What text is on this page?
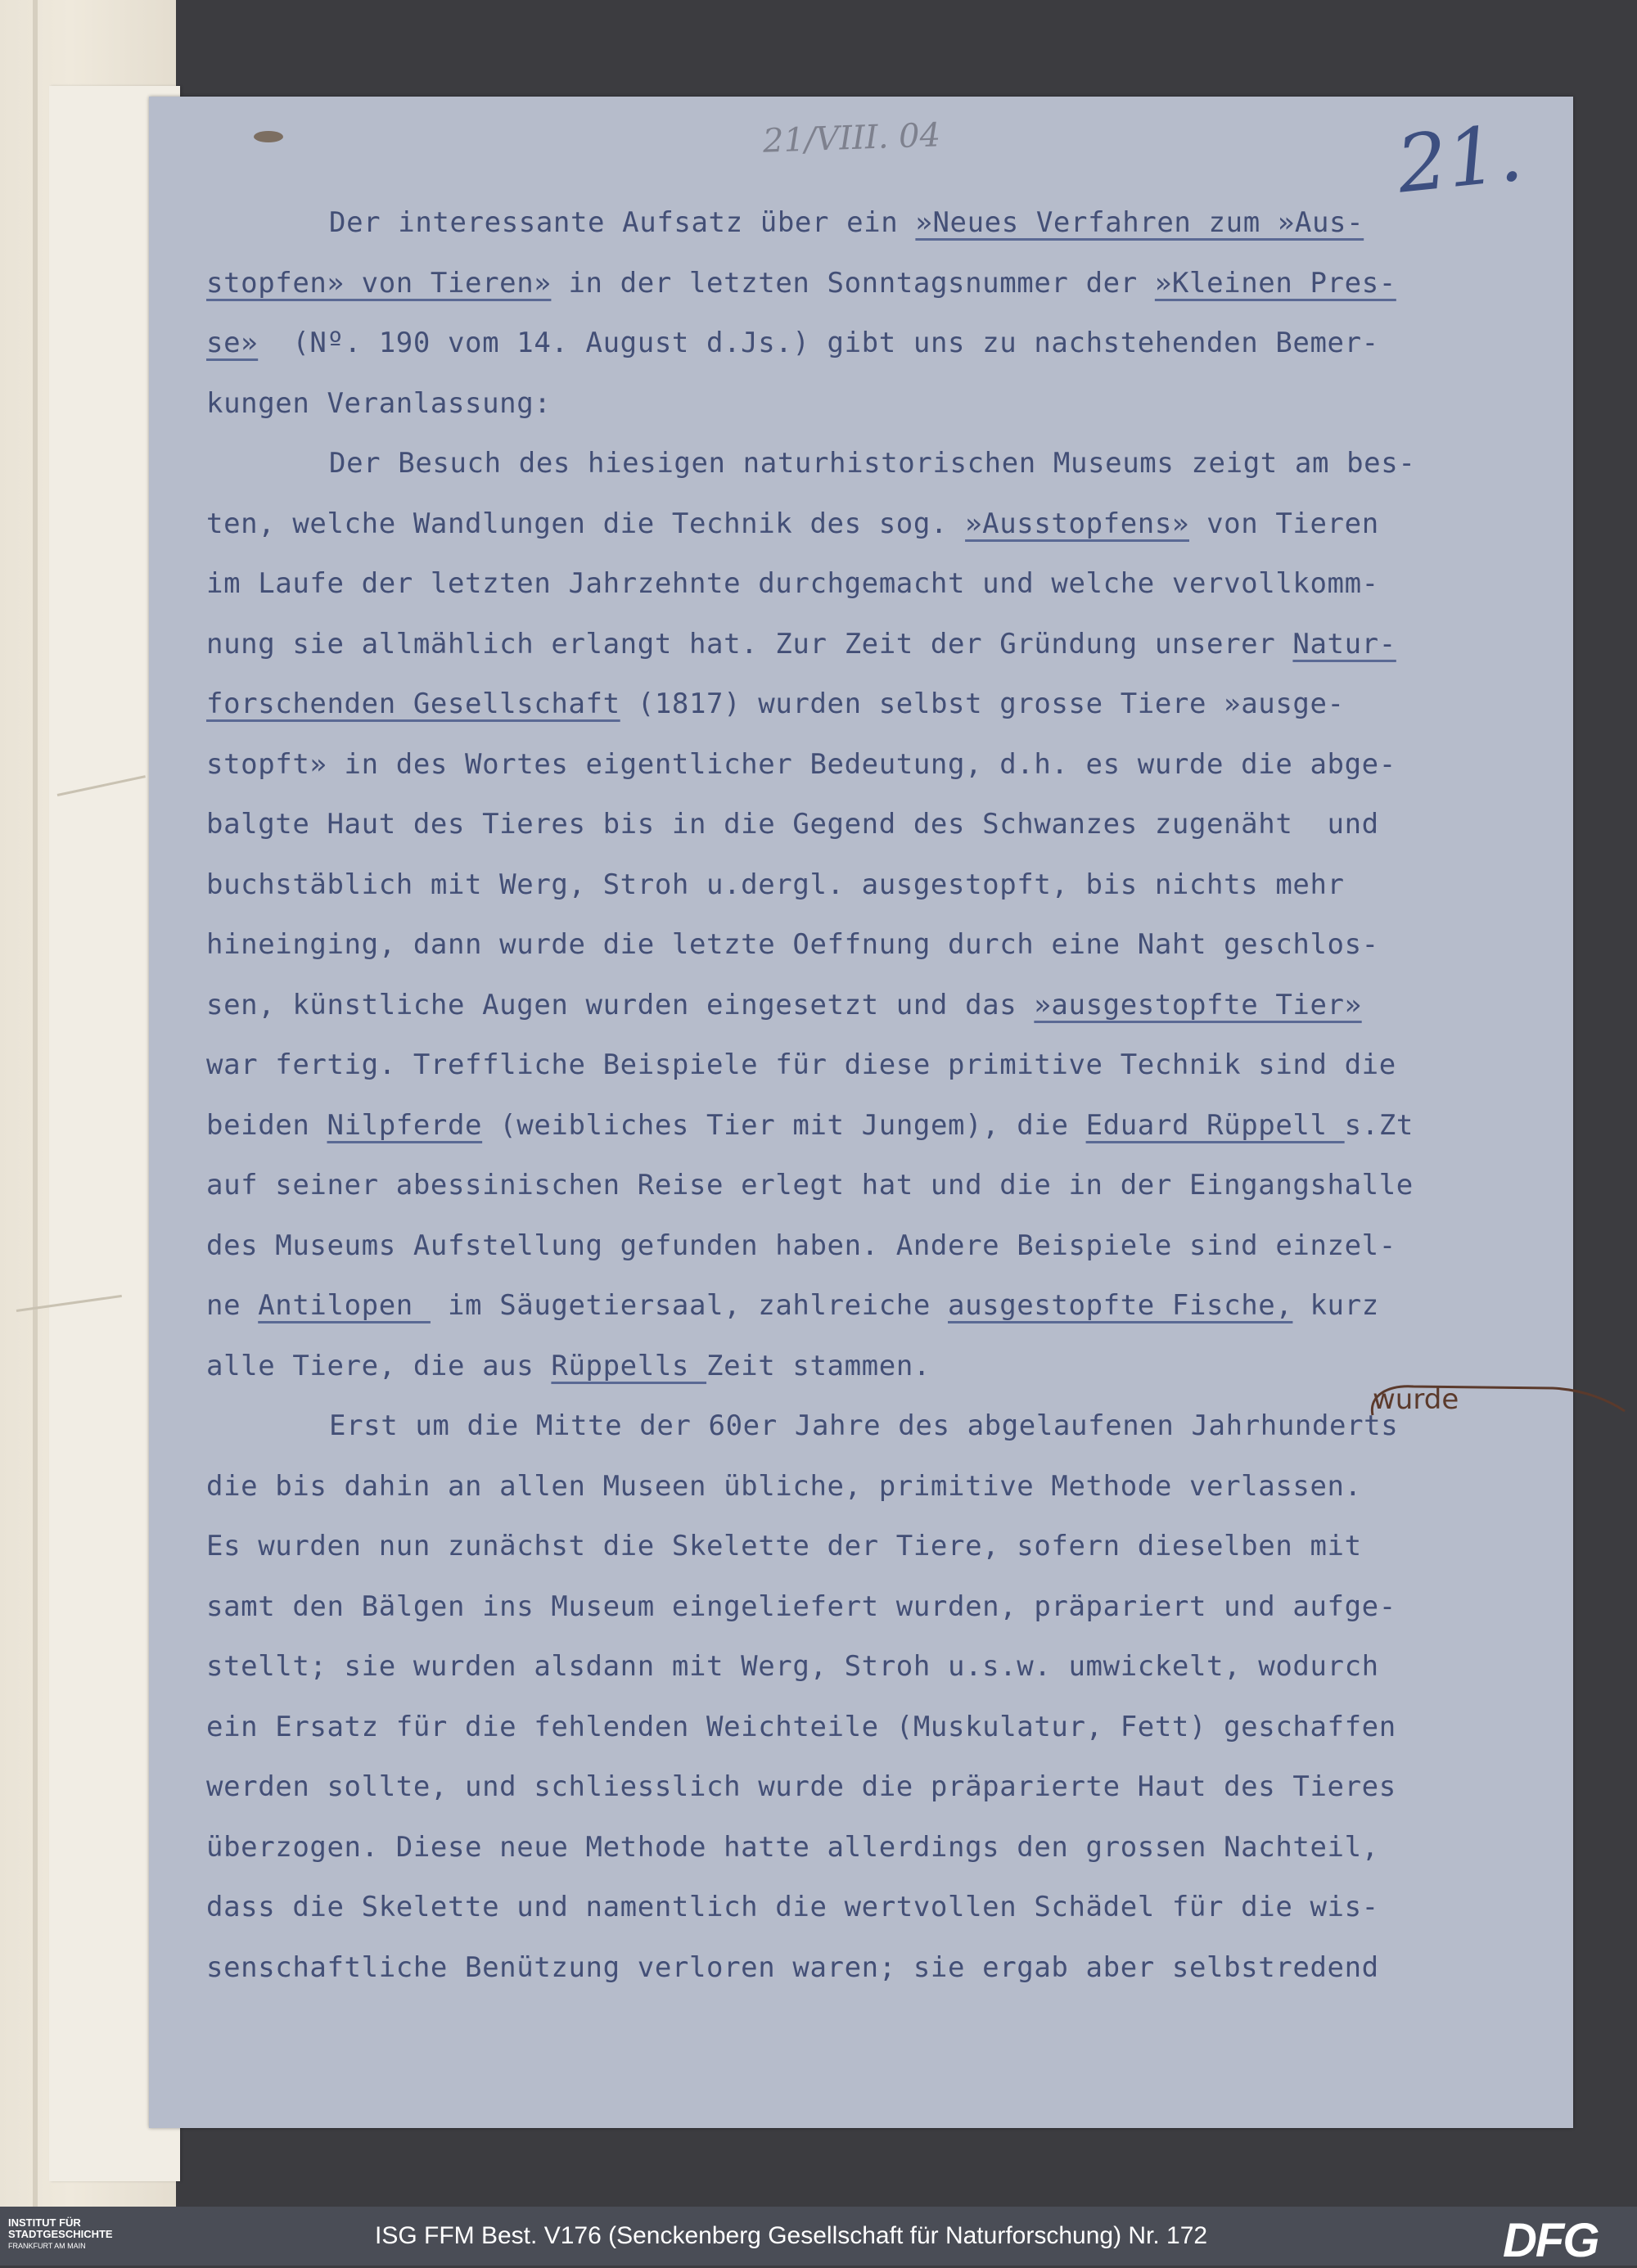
21/VIII. 04	21.
Der interessante Aufsatz über ein »Neues Verfahren zum »Aus-
stopfen» von Tieren» in der letzten Sonntagsnummer der »Kleinen Pres-
se»  (Nº. 190 vom 14. August d.Js.) gibt uns zu nachstehenden Bemer-
kungen Veranlassung:
Der Besuch des hiesigen naturhistorischen Museums zeigt am bes-
ten, welche Wandlungen die Technik des sog. »Ausstopfens» von Tieren
im Laufe der letzten Jahrzehnte durchgemacht und welche vervollkomm-
nung sie allmählich erlangt hat. Zur Zeit der Gründung unserer Natur-
forschenden Gesellschaft (1817) wurden selbst grosse Tiere »ausge-
stopft» in des Wortes eigentlicher Bedeutung, d.h. es wurde die abge-
balgte Haut des Tieres bis in die Gegend des Schwanzes zugenäht  und
buchstäblich mit Werg, Stroh u.dergl. ausgestopft, bis nichts mehr
hineinging, dann wurde die letzte Oeffnung durch eine Naht geschlos-
sen, künstliche Augen wurden eingesetzt und das »ausgestopfte Tier»
war fertig. Treffliche Beispiele für diese primitive Technik sind die
beiden Nilpferde (weibliches Tier mit Jungem), die Eduard Rüppell s.Zt
auf seiner abessinischen Reise erlegt hat und die in der Eingangshalle
des Museums Aufstellung gefunden haben. Andere Beispiele sind einzel-
ne Antilopen  im Säugetiersaal, zahlreiche ausgestopfte Fische, kurz
alle Tiere, die aus Rüppells Zeit stammen.
Erst um die Mitte der 60er Jahre des abgelaufenen Jahrhunderts
die bis dahin an allen Museen übliche, primitive Methode verlassen.
Es wurden nun zunächst die Skelette der Tiere, sofern dieselben mit
samt den Bälgen ins Museum eingeliefert wurden, präpariert und aufge-
stellt; sie wurden alsdann mit Werg, Stroh u.s.w. umwickelt, wodurch
ein Ersatz für die fehlenden Weichteile (Muskulatur, Fett) geschaffen
werden sollte, und schliesslich wurde die präparierte Haut des Tieres
überzogen. Diese neue Methode hatte allerdings den grossen Nachteil,
dass die Skelette und namentlich die wertvollen Schädel für die wis-
senschaftliche Benützung verloren waren; sie ergab aber selbstredend
wurde
INSTITUT FÜR
STADTGESCHICHTE
FRANKFURT AM MAIN	ISG FFM Best. V176 (Senckenberg Gesellschaft für Naturforschung) Nr. 172	DFG
